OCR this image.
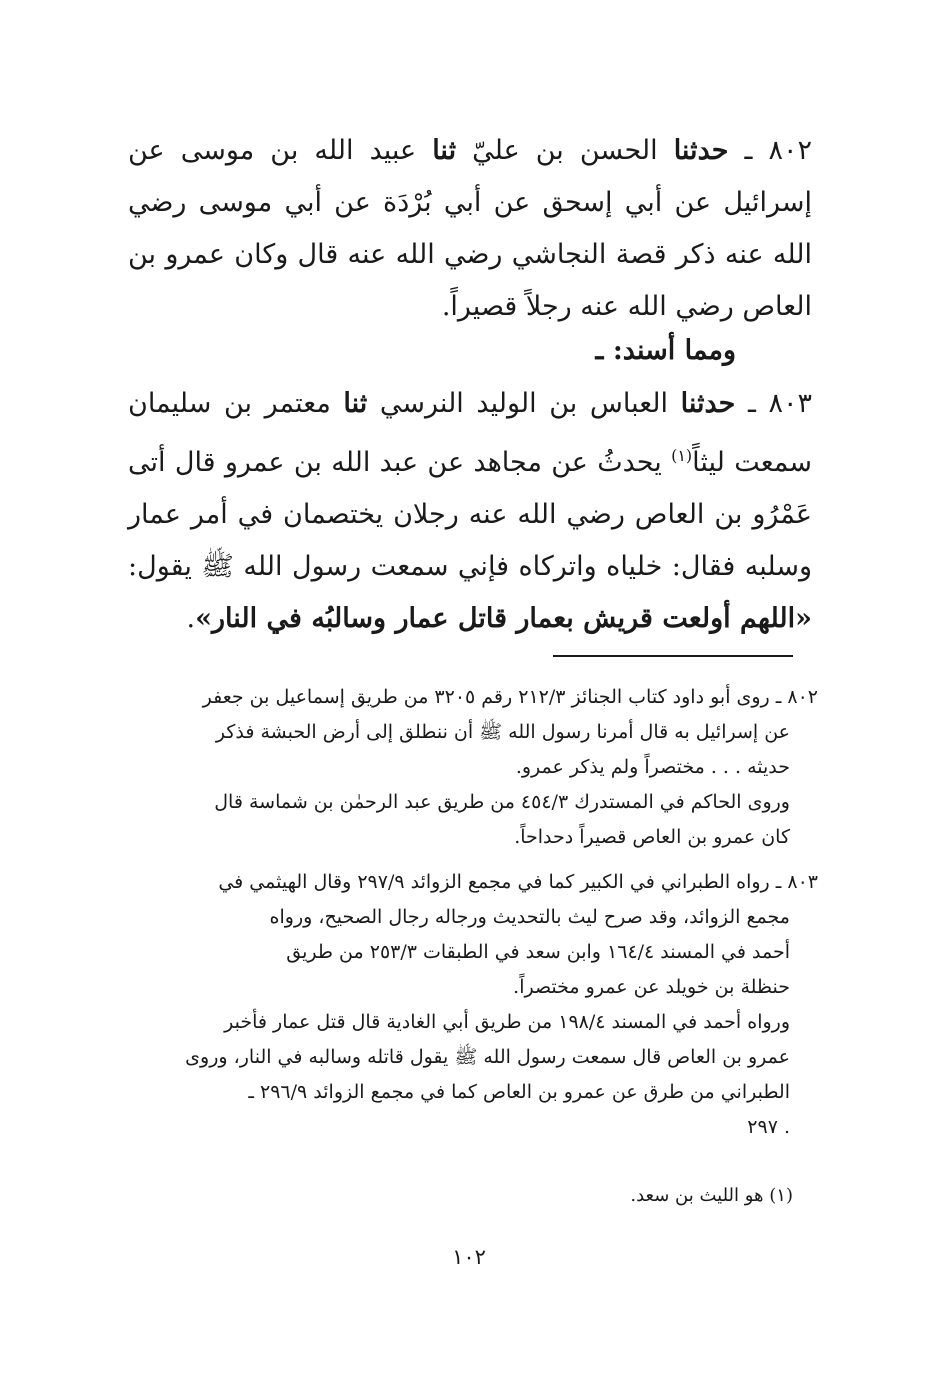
٨٠٢ ـ حدثنا الحسن بن عليّ ثنا عبيد الله بن موسى عن إسرائيل عن أبي إسحق عن أبي بُرْدَة عن أبي موسى رضي الله عنه ذكر قصة النجاشي رضي الله عنه قال وكان عمرو بن العاص رضي الله عنه رجلاً قصيراً.

ومما أسند: ـ

٨٠٣ ـ حدثنا العباس بن الوليد النرسي ثنا معتمر بن سليمان سمعت ليثاً$^{(١)}$ يحدثُ عن مجاهد عن عبد الله بن عمرو قال أتى عَمْرُو بن العاص رضي الله عنه رجلان يختصمان في أمر عمار وسلبه فقال: خلياه واتركاه فإني سمعت رسول الله ﷺ يقول: «اللهم أولعت قريش بعمار قاتل عمار وسالبُه في النار».

٨٠٢ ـ روى أبو داود كتاب الجنائز ٢١٢/٣ رقم ٣٢٠٥ من طريق إسماعيل بن جعفر

عن إسرائيل به قال أمرنا رسول الله ﷺ أن ننطلق إلى أرض الحبشة فذكر

حديثه . . . مختصراً ولم يذكر عمرو.

وروى الحاكم في المستدرك ٤٥٤/٣ من طريق عبد الرحمٰن بن شماسة قال

كان عمرو بن العاص قصيراً دحداحاً.

٨٠٣ ـ رواه الطبراني في الكبير كما في مجمع الزوائد ٢٩٧/٩ وقال الهيثمي في

مجمع الزوائد، وقد صرح ليث بالتحديث ورجاله رجال الصحيح، ورواه

أحمد في المسند ١٦٤/٤ وابن سعد في الطبقات ٢٥٣/٣ من طريق

حنظلة بن خويلد عن عمرو مختصراً.

ورواه أحمد في المسند ١٩٨/٤ من طريق أبي الغادية قال قتل عمار فأخبر

عمرو بن العاص قال سمعت رسول الله ﷺ يقول قاتله وسالبه في النار، وروى

الطبراني من طرق عن عمرو بن العاص كما في مجمع الزوائد ٢٩٦/٩ ـ

. ٢٩٧

(١) هو الليث بن سعد.
١٠٢
